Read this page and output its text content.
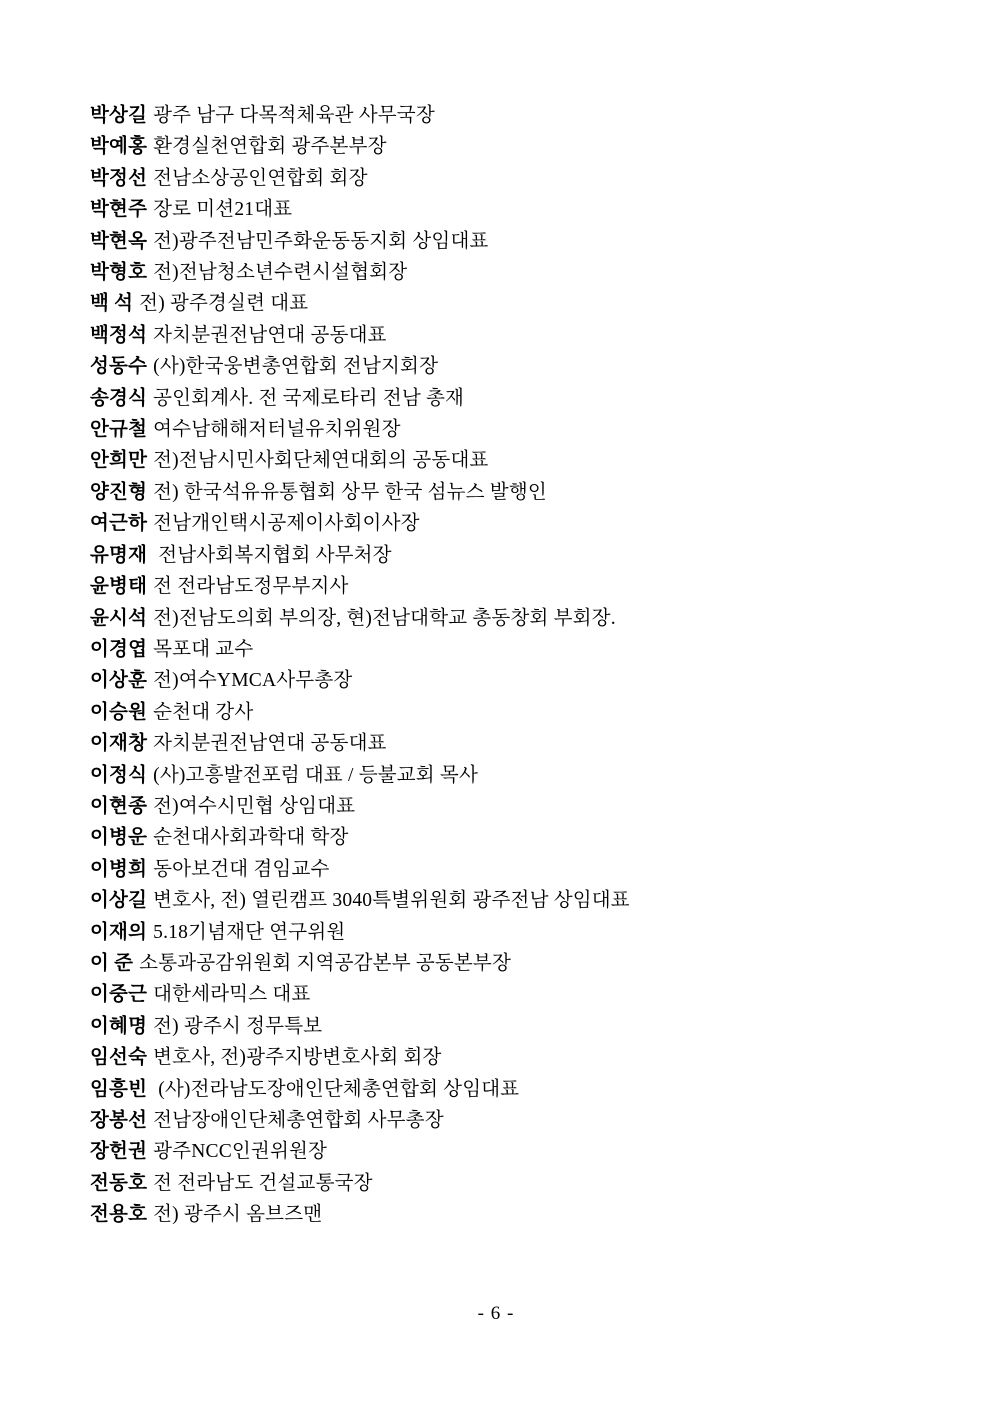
박상길 광주 남구 다목적체육관 사무국장
박예홍 환경실천연합회 광주본부장
박정선 전남소상공인연합회 회장
박현주 장로 미션21대표
박현옥 전)광주전남민주화운동동지회 상임대표
박형호 전)전남청소년수련시설협회장
백 석 전) 광주경실련 대표
백정석 자치분권전남연대 공동대표
성동수 (사)한국웅변총연합회 전남지회장
송경식 공인회계사. 전 국제로타리 전남 총재
안규철 여수남해해저터널유치위원장
안희만 전)전남시민사회단체연대회의 공동대표
양진형 전) 한국석유유통협회 상무 한국 섬뉴스 발행인
여근하 전남개인택시공제이사회이사장
유명재 전남사회복지협회 사무처장
윤병태 전 전라남도정무부지사
윤시석 전)전남도의회 부의장, 현)전남대학교 총동창회 부회장.
이경엽 목포대 교수
이상훈 전)여수YMCA사무총장
이승원 순천대 강사
이재창 자치분권전남연대 공동대표
이정식 (사)고흥발전포럼 대표 / 등불교회 목사
이현종 전)여수시민협 상임대표
이병운 순천대사회과학대 학장
이병희 동아보건대 겸임교수
이상길 변호사, 전) 열린캠프 3040특별위원회 광주전남 상임대표
이재의 5.18기념재단 연구위원
이 준 소통과공감위원회 지역공감본부 공동본부장
이중근 대한세라믹스 대표
이혜명 전) 광주시 정무특보
임선숙 변호사, 전)광주지방변호사회 회장
임흥빈 (사)전라남도장애인단체총연합회 상임대표
장봉선 전남장애인단체총연합회 사무총장
장헌권 광주NCC인권위원장
전동호 전 전라남도 건설교통국장
전용호 전) 광주시 옴브즈맨
- 6 -
